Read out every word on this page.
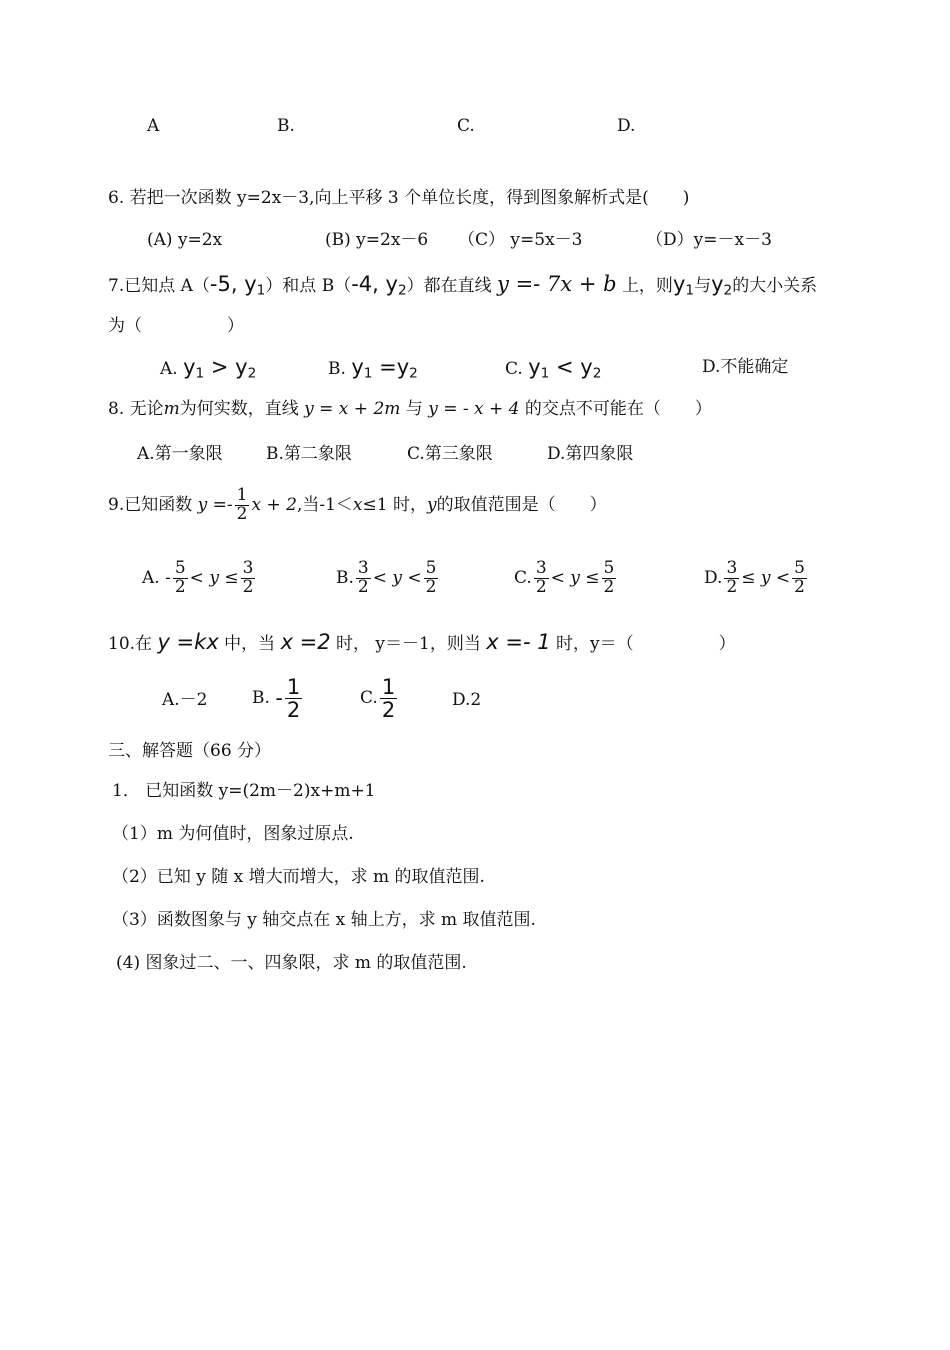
A	B.	C.	D.
6. 若把一次函数 y=2x－3,向上平移 3 个单位长度，得到图象解析式是(　　)
(A) y=2x	(B) y=2x－6 （C） y=5x－3	（D）y=－x－3
7.已知点 A（-5, $y_1$）和点 B（-4, $y_2$）都在直线 y =- 7x + b 上，则$y_1$与$y_2$的大小关系
为（　　　　　）
A. $y_1 > y_2$	B. $y_1 =y_2$	C. $y_1 < y_2$	D.不能确定
8. 无论m为何实数，直线 y = x + 2m 与 y = - x + 4 的交点不可能在（　　）
A.第一象限	B.第二象限	C.第三象限	D.第四象限
9.已知函数
$y =- \frac{1}{2}$ x + 2 ,当-1＜ x ≤1 时， y 的取值范围是（　　）
A.
- $\frac{5}{2} < y \le \frac{3}{2}$	B. $\frac{3}{2} < y < \frac{5}{2}$	C. $\frac{3}{2} < y \le \frac{5}{2}$	D. $\frac{3}{2} \le y < \frac{5}{2}$
10.在 y =kx 中，当 x =2 时， y＝－1，则当 x =- 1 时，y＝（　　　　　）
A.－2	B.
- $\frac{1}{2}$	C. $\frac{1}{2}$	D.2
三、解答题（66 分）
1． 已知函数 y=(2m－2)x+m+1
（1）m 为何值时，图象过原点.
（2）已知 y 随 x 增大而增大，求 m 的取值范围.
（3）函数图象与 y 轴交点在 x 轴上方，求 m 取值范围.
(4) 图象过二、一、四象限，求 m 的取值范围.
